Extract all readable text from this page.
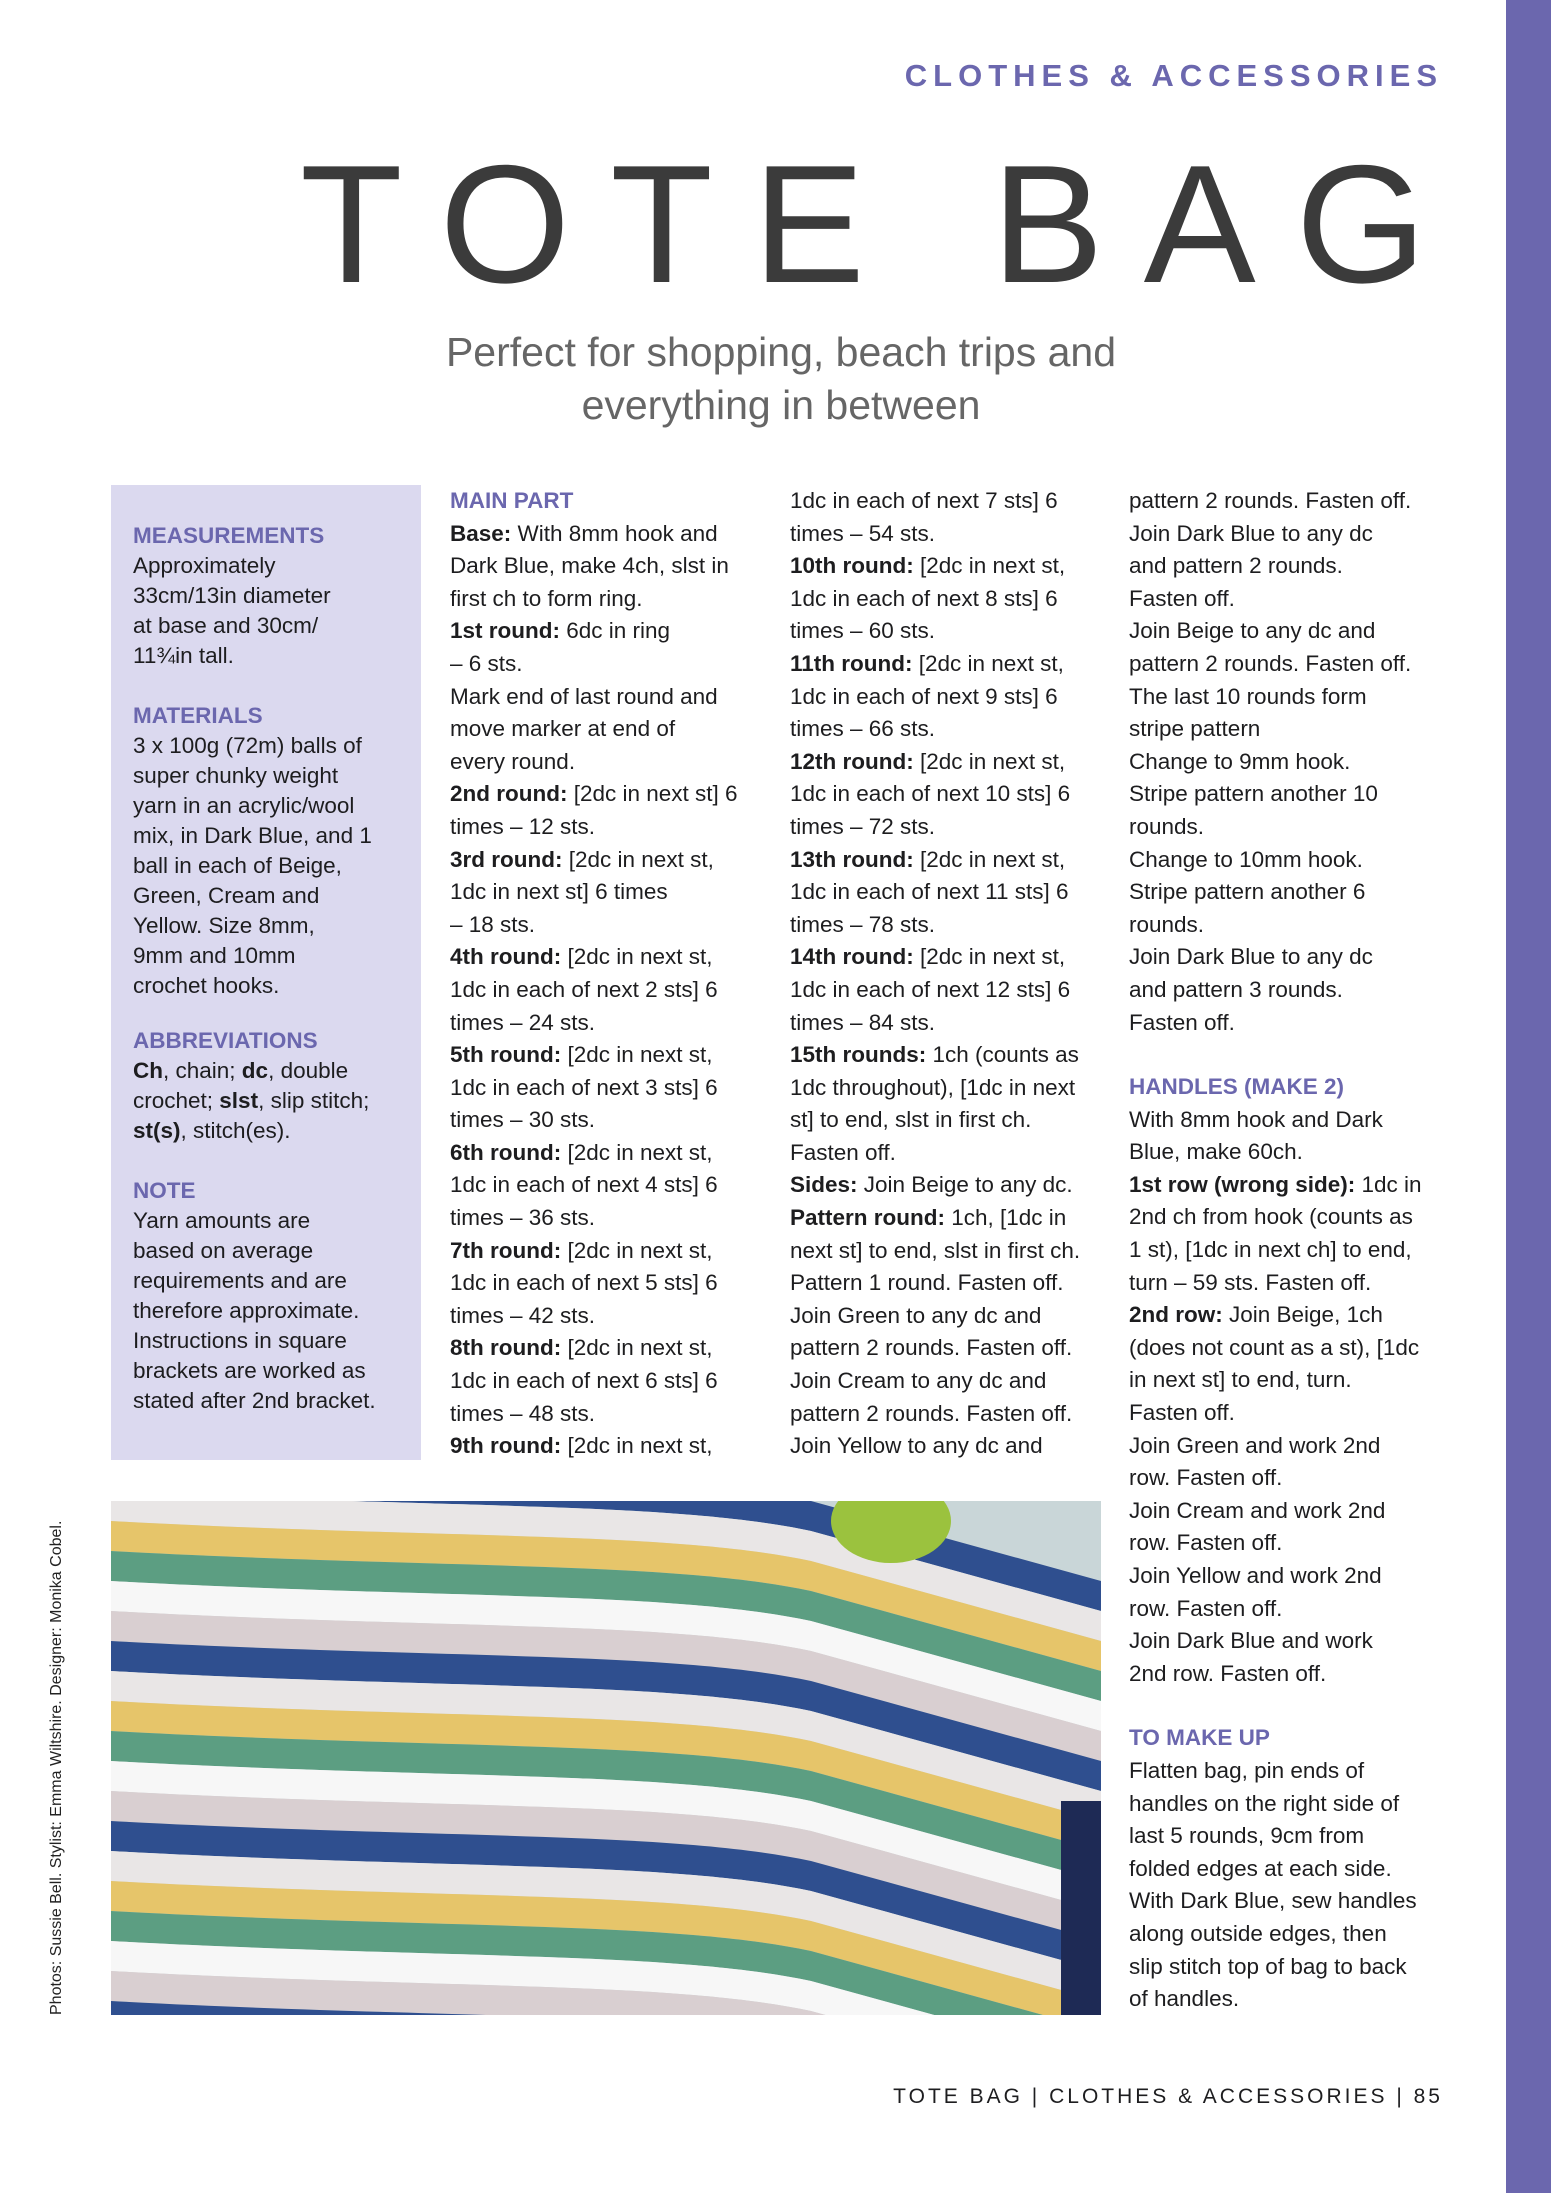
CLOTHES & ACCESSORIES
TOTE BAG
Perfect for shopping, beach trips and
everything in between

MEASUREMENTS

Approximately
33cm/13in diameter
at base and 30cm/
11¾in tall.

MATERIALS

3 x 100g (72m) balls of
super chunky weight
yarn in an acrylic/wool
mix, in Dark Blue, and 1
ball in each of Beige,
Green, Cream and
Yellow. Size 8mm,
9mm and 10mm
crochet hooks.

ABBREVIATIONS

Ch, chain; dc, double
crochet; slst, slip stitch;
st(s), stitch(es).

NOTE

Yarn amounts are
based on average
requirements and are
therefore approximate.
Instructions in square
brackets are worked as
stated after 2nd bracket.

MAIN PART

Base: With 8mm hook and
Dark Blue, make 4ch, slst in
first ch to form ring.
1st round: 6dc in ring
– 6 sts.
Mark end of last round and
move marker at end of
every round.
2nd round: [2dc in next st] 6
times – 12 sts.
3rd round: [2dc in next st,
1dc in next st] 6 times
– 18 sts.
4th round: [2dc in next st,
1dc in each of next 2 sts] 6
times – 24 sts.
5th round: [2dc in next st,
1dc in each of next 3 sts] 6
times – 30 sts.
6th round: [2dc in next st,
1dc in each of next 4 sts] 6
times – 36 sts.
7th round: [2dc in next st,
1dc in each of next 5 sts] 6
times – 42 sts.
8th round: [2dc in next st,
1dc in each of next 6 sts] 6
times – 48 sts.
9th round: [2dc in next st,
1dc in each of next 7 sts] 6
times – 54 sts.
10th round: [2dc in next st,
1dc in each of next 8 sts] 6
times – 60 sts.
11th round: [2dc in next st,
1dc in each of next 9 sts] 6
times – 66 sts.
12th round: [2dc in next st,
1dc in each of next 10 sts] 6
times – 72 sts.
13th round: [2dc in next st,
1dc in each of next 11 sts] 6
times – 78 sts.
14th round: [2dc in next st,
1dc in each of next 12 sts] 6
times – 84 sts.
15th rounds: 1ch (counts as
1dc throughout), [1dc in next
st] to end, slst in first ch.
Fasten off.
Sides: Join Beige to any dc.
Pattern round: 1ch, [1dc in
next st] to end, slst in first ch.
Pattern 1 round. Fasten off.
Join Green to any dc and
pattern 2 rounds. Fasten off.
Join Cream to any dc and
pattern 2 rounds. Fasten off.
Join Yellow to any dc and
pattern 2 rounds. Fasten off.
Join Dark Blue to any dc
and pattern 2 rounds.
Fasten off.
Join Beige to any dc and
pattern 2 rounds. Fasten off.
The last 10 rounds form
stripe pattern
Change to 9mm hook.
Stripe pattern another 10
rounds.
Change to 10mm hook.
Stripe pattern another 6
rounds.
Join Dark Blue to any dc
and pattern 3 rounds.
Fasten off.

HANDLES (MAKE 2)

With 8mm hook and Dark
Blue, make 60ch.
1st row (wrong side): 1dc in
2nd ch from hook (counts as
1 st), [1dc in next ch] to end,
turn – 59 sts. Fasten off.
2nd row: Join Beige, 1ch
(does not count as a st), [1dc
in next st] to end, turn.
Fasten off.
Join Green and work 2nd
row. Fasten off.
Join Cream and work 2nd
row. Fasten off.
Join Yellow and work 2nd
row. Fasten off.
Join Dark Blue and work
2nd row. Fasten off.

TO MAKE UP

Flatten bag, pin ends of
handles on the right side of
last 5 rounds, 9cm from
folded edges at each side.
With Dark Blue, sew handles
along outside edges, then
slip stitch top of bag to back
of handles.
Photos: Sussie Bell. Stylist: Emma Wiltshire. Designer: Monika Cobel.
TOTE BAG | CLOTHES & ACCESSORIES | 85
